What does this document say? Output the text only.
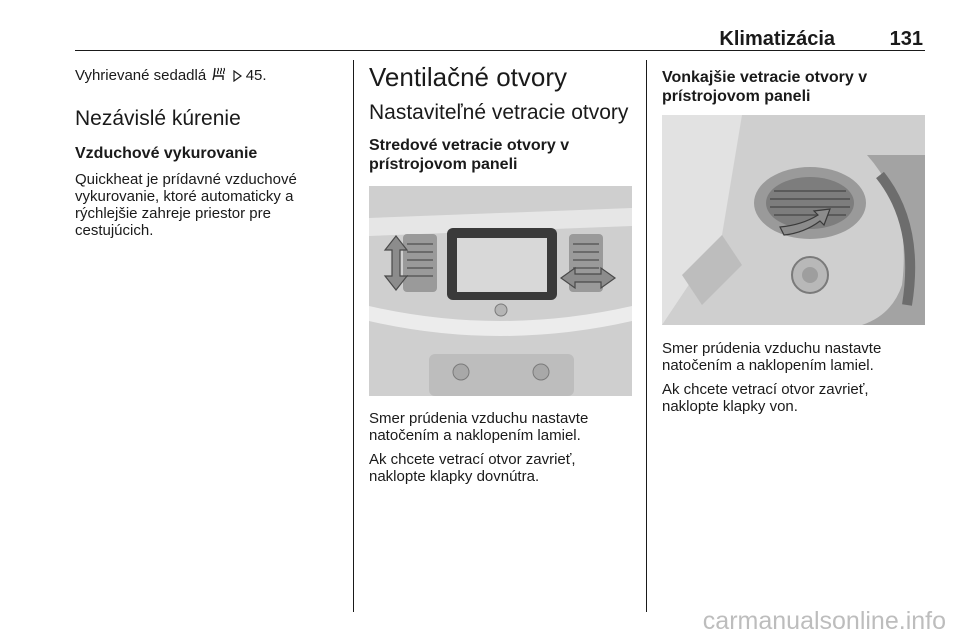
Klimatizácia	131

Vyhrievané sedadlá	45.

Nezávislé kúrenie
Vzduchové vykurovanie

Quickheat je prídavné vzduchové vykurovanie, ktoré automaticky a rýchlejšie zahreje priestor pre cestujúcich.

Ventilačné otvory
Nastaviteľné vetracie otvory
Stredové vetracie otvory v
prístrojovom paneli

Smer prúdenia vzduchu nastavte natočením a naklopením lamiel.

Ak chcete vetrací otvor zavrieť, naklopte klapky dovnútra.

Vonkajšie vetracie otvory v
prístrojovom paneli

Smer prúdenia vzduchu nastavte natočením a naklopením lamiel.

Ak chcete vetrací otvor zavrieť, naklopte klapky von.

carmanualsonline.info
